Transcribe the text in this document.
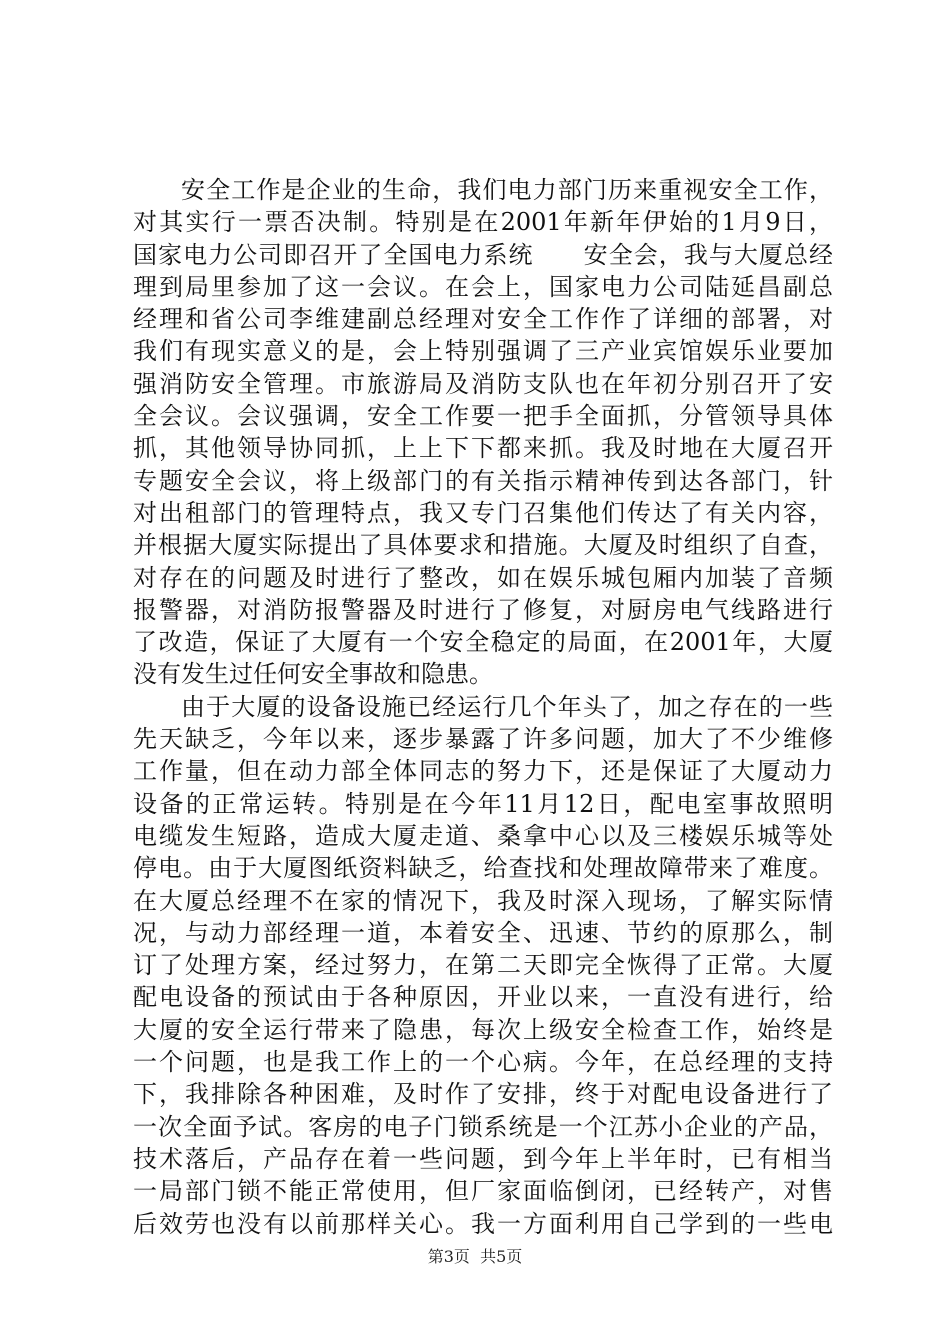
安全工作是企业的生命，我们电力部门历来重视安全工作，
对其实行一票否决制。特别是在2001年新年伊始的1月9日，
国家电力公司即召开了全国电力系统　　安全会，我与大厦总经
理到局里参加了这一会议。在会上，国家电力公司陆延昌副总
经理和省公司李维建副总经理对安全工作作了详细的部署，对
我们有现实意义的是，会上特别强调了三产业宾馆娱乐业要加
强消防安全管理。市旅游局及消防支队也在年初分别召开了安
全会议。会议强调，安全工作要一把手全面抓，分管领导具体
抓，其他领导协同抓，上上下下都来抓。我及时地在大厦召开
专题安全会议，将上级部门的有关指示精神传到达各部门，针
对出租部门的管理特点，我又专门召集他们传达了有关内容，
并根据大厦实际提出了具体要求和措施。大厦及时组织了自查，
对存在的问题及时进行了整改，如在娱乐城包厢内加装了音频
报警器，对消防报警器及时进行了修复，对厨房电气线路进行
了改造，保证了大厦有一个安全稳定的局面，在2001年，大厦
没有发生过任何安全事故和隐患。
由于大厦的设备设施已经运行几个年头了，加之存在的一些
先天缺乏，今年以来，逐步暴露了许多问题，加大了不少维修
工作量，但在动力部全体同志的努力下，还是保证了大厦动力
设备的正常运转。特别是在今年11月12日，配电室事故照明
电缆发生短路，造成大厦走道、桑拿中心以及三楼娱乐城等处
停电。由于大厦图纸资料缺乏，给查找和处理故障带来了难度。
在大厦总经理不在家的情况下，我及时深入现场，了解实际情
况，与动力部经理一道，本着安全、迅速、节约的原那么，制
订了处理方案，经过努力，在第二天即完全恢得了正常。大厦
配电设备的预试由于各种原因，开业以来，一直没有进行，给
大厦的安全运行带来了隐患，每次上级安全检查工作，始终是
一个问题，也是我工作上的一个心病。今年，在总经理的支持
下，我排除各种困难，及时作了安排，终于对配电设备进行了
一次全面予试。客房的电子门锁系统是一个江苏小企业的产品，
技术落后，产品存在着一些问题，到今年上半年时，已有相当
一局部门锁不能正常使用，但厂家面临倒闭，已经转产，对售
后效劳也没有以前那样关心。我一方面利用自己学到的一些电
第3页 共5页
